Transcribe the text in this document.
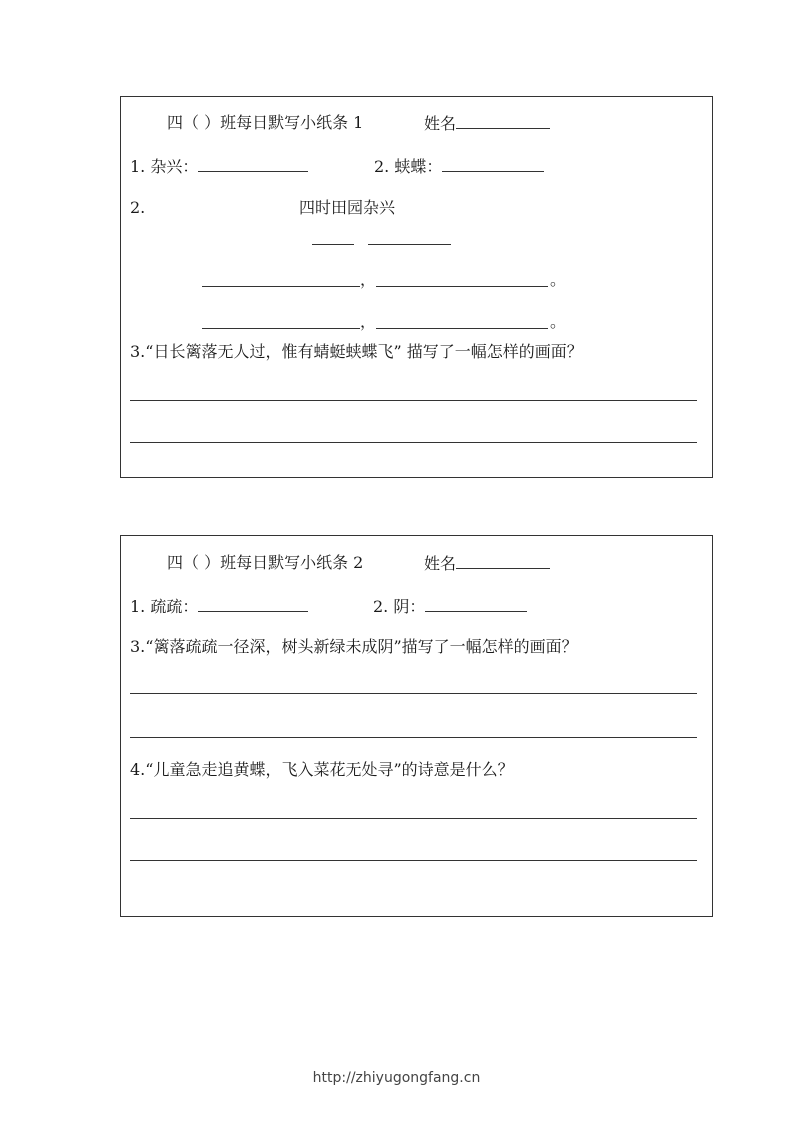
四（ ）班每日默写小纸条 1	姓名
1. 杂兴：	2. 蛱蝶：
2.	四时田园杂兴
，	。
，	。
3.“日长篱落无人过，惟有蜻蜓蛱蝶飞” 描写了一幅怎样的画面？
四（ ）班每日默写小纸条 2	姓名
1. 疏疏：	2. 阴：
3.“篱落疏疏一径深，树头新绿未成阴”描写了一幅怎样的画面？
4.“儿童急走追黄蝶，飞入菜花无处寻”的诗意是什么？
http://zhiyugongfang.cn
